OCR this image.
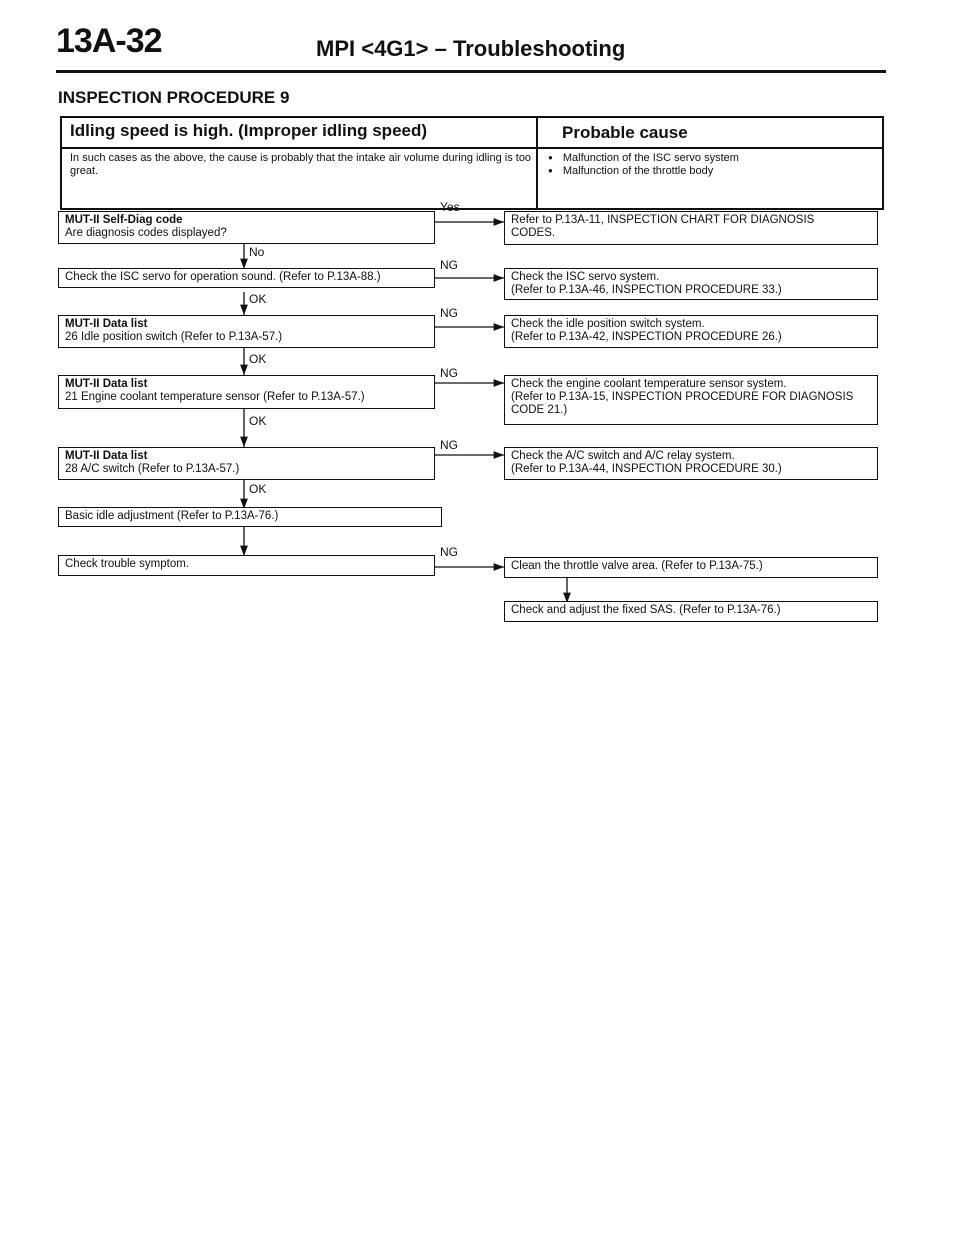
13A-32	MPI <4G1> – Troubleshooting
INSPECTION PROCEDURE 9
Idling speed is high. (Improper idling speed)	Probable cause
In such cases as the above, the cause is probably that the intake air volume during idling is too great.
● Malfunction of the ISC servo system
● Malfunction of the throttle body
MUT-II Self-Diag code
Are diagnosis codes displayed?
Check the ISC servo for operation sound. (Refer to P.13A-88.)
MUT-II Data list
26 Idle position switch (Refer to P.13A-57.)
MUT-II Data list
21 Engine coolant temperature sensor (Refer to P.13A-57.)
MUT-II Data list
28 A/C switch (Refer to P.13A-57.)
Basic idle adjustment (Refer to P.13A-76.)
Check trouble symptom.
Refer to P.13A-11, INSPECTION CHART FOR DIAGNOSIS
CODES.
Check the ISC servo system.
(Refer to P.13A-46, INSPECTION PROCEDURE 33.)
Check the idle position switch system.
(Refer to P.13A-42, INSPECTION PROCEDURE 26.)
Check the engine coolant temperature sensor system.
(Refer to P.13A-15, INSPECTION PROCEDURE FOR DIAGNOSIS
CODE 21.)
Check the A/C switch and A/C relay system.
(Refer to P.13A-44, INSPECTION PROCEDURE 30.)
Clean the throttle valve area. (Refer to P.13A-75.)
Check and adjust the fixed SAS. (Refer to P.13A-76.)
Yes
No
NG
OK
NG
OK
NG
OK
NG
OK
NG
